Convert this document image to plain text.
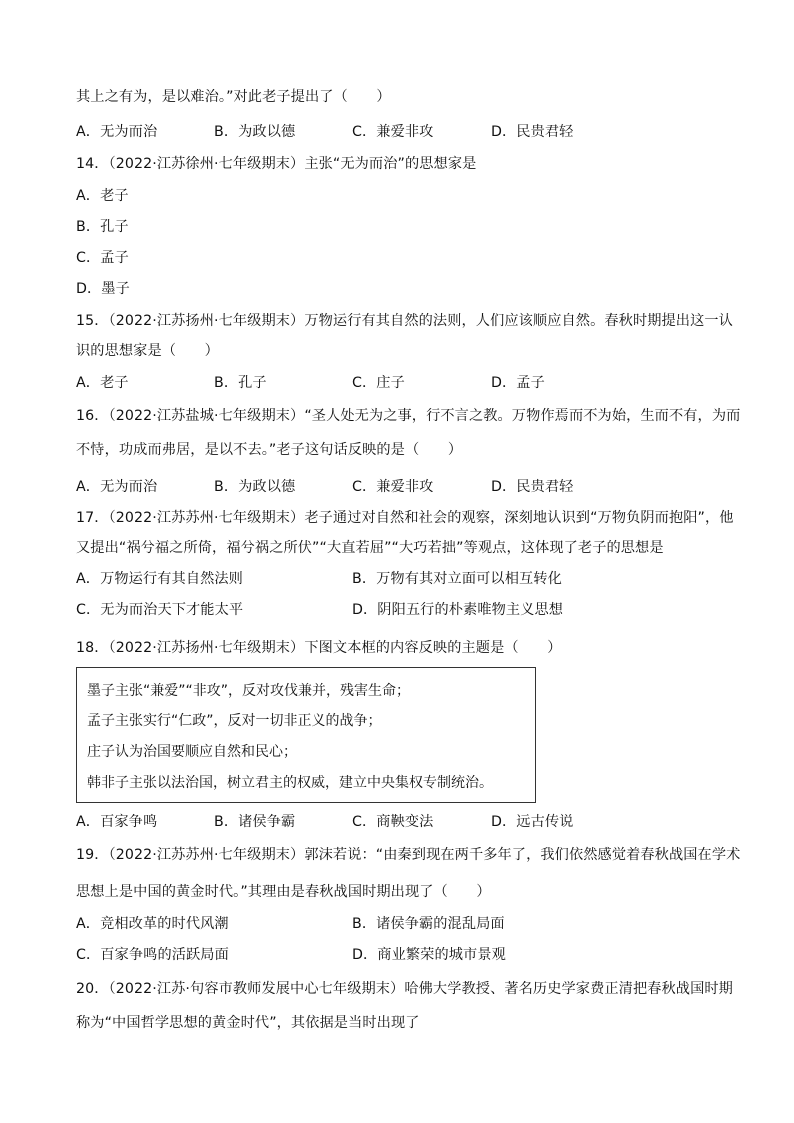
其上之有为，是以难治。”对此老子提出了（　　）
A．无为而治	B．为政以德	C．兼爱非攻	D．民贵君轻
14．（2022·江苏徐州·七年级期末）主张“无为而治”的思想家是
A．老子
B．孔子
C．孟子
D．墨子
15．（2022·江苏扬州·七年级期末）万物运行有其自然的法则，人们应该顺应自然。春秋时期提出这一认
识的思想家是（　　）
A．老子	B．孔子	C．庄子	D．孟子
16．（2022·江苏盐城·七年级期末）“圣人处无为之事，行不言之教。万物作焉而不为始，生而不有，为而
不恃，功成而弗居，是以不去。”老子这句话反映的是（　　）
A．无为而治	B．为政以德	C．兼爱非攻	D．民贵君轻
17．（2022·江苏苏州·七年级期末）老子通过对自然和社会的观察，深刻地认识到“万物负阴而抱阳”，他
又提出“祸兮福之所倚，福兮祸之所伏”“大直若屈”“大巧若拙”等观点，这体现了老子的思想是
A．万物运行有其自然法则	B．万物有其对立面可以相互转化
C．无为而治天下才能太平	D．阴阳五行的朴素唯物主义思想
18．（2022·江苏扬州·七年级期末）下图文本框的内容反映的主题是（　　）
墨子主张“兼爱”“非攻”，反对攻伐兼并，残害生命；
孟子主张实行“仁政”，反对一切非正义的战争；
庄子认为治国要顺应自然和民心；
韩非子主张以法治国，树立君主的权威，建立中央集权专制统治。
A．百家争鸣	B．诸侯争霸	C．商鞅变法	D．远古传说
19．（2022·江苏苏州·七年级期末）郭沫若说：“由秦到现在两千多年了，我们依然感觉着春秋战国在学术
思想上是中国的黄金时代。”其理由是春秋战国时期出现了（　　）
A．竞相改革的时代风潮	B．诸侯争霸的混乱局面
C．百家争鸣的活跃局面	D．商业繁荣的城市景观
20．（2022·江苏·句容市教师发展中心七年级期末）哈佛大学教授、著名历史学家费正清把春秋战国时期
称为“中国哲学思想的黄金时代”，其依据是当时出现了
